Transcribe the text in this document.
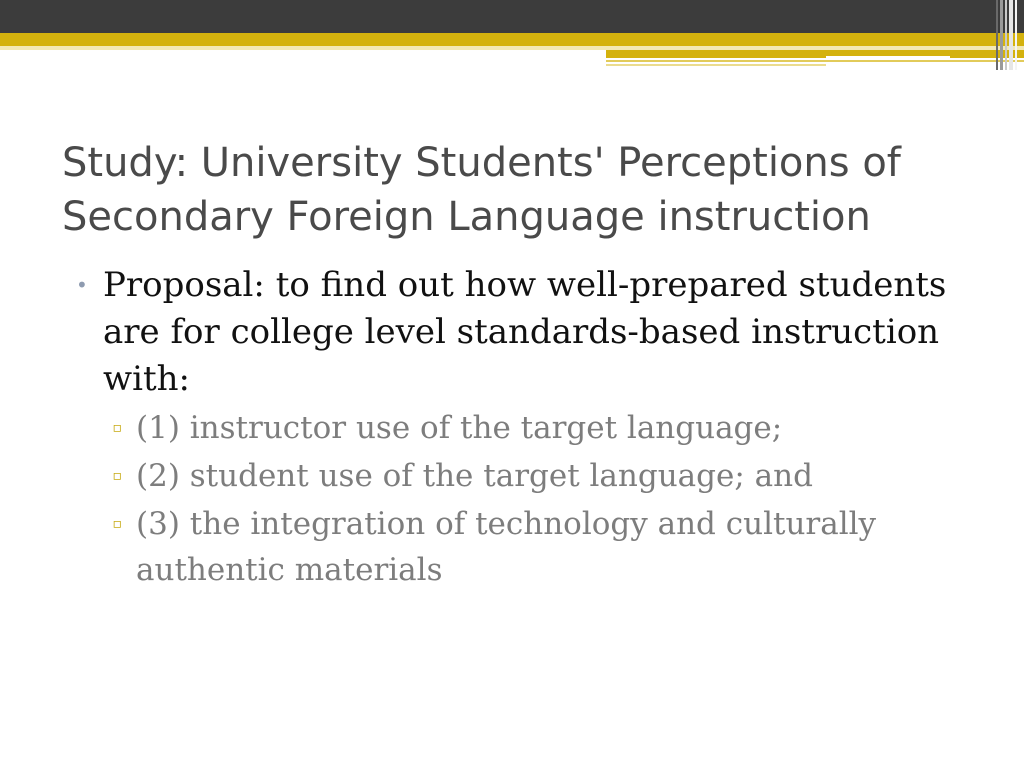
Study: University Students' Perceptions of Secondary Foreign Language instruction
• Proposal: to find out how well-prepared students are for college level standards-based instruction with:
▫ (1) instructor use of the target language;
▫ (2) student use of the target language; and
▫ (3) the integration of technology and culturally authentic materials
